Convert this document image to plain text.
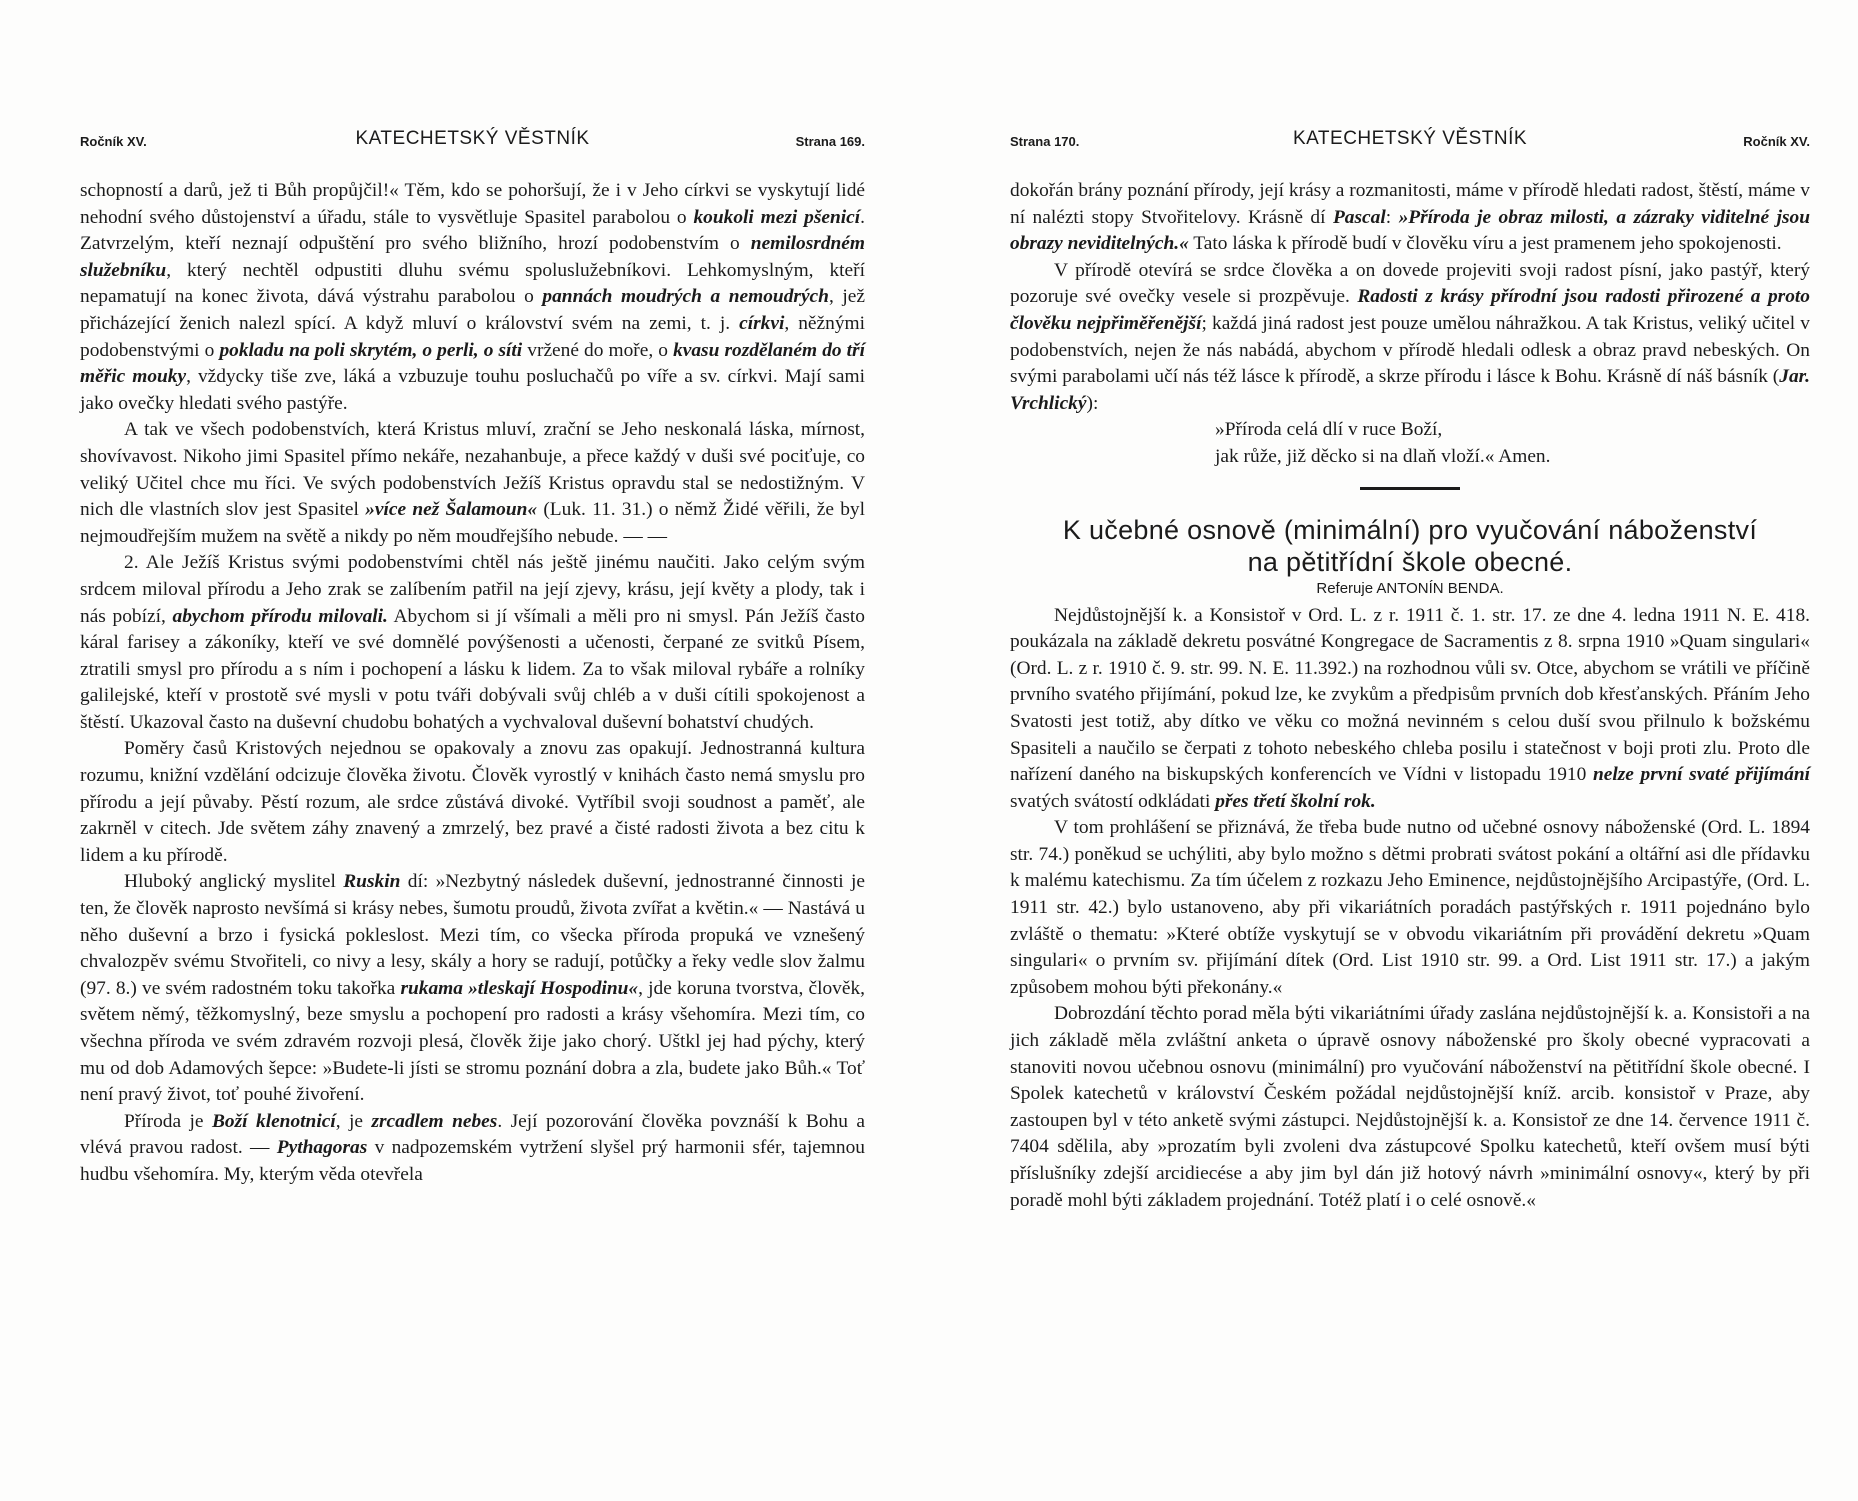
Ročník XV.	KATECHETSKÝ VĚSTNÍK	Strana 169.

schopností a darů, jež ti Bůh propůjčil!« Těm, kdo se pohoršují, že i v Jeho církvi se vyskytují lidé nehodní svého důstojenství a úřadu, stále to vysvětluje Spasitel parabolou o koukoli mezi pšenicí. Zatvrzelým, kteří neznají odpuštění pro svého bližního, hrozí podobenstvím o nemilosrdném služebníku, který nechtěl odpustiti dluhu svému spoluslužebníkovi. Lehkomyslným, kteří nepamatují na konec života, dává výstrahu parabolou o pannách moudrých a nemoudrých, jež přicházející ženich nalezl spící. A když mluví o království svém na zemi, t. j. církvi, něžnými podobenstvými o pokladu na poli skrytém, o perli, o síti vržené do moře, o kvasu rozdělaném do tří měřic mouky, vždycky tiše zve, láká a vzbuzuje touhu posluchačů po víře a sv. církvi. Mají sami jako ovečky hledati svého pastýře.

A tak ve všech podobenstvích, která Kristus mluví, zrační se Jeho neskonalá láska, mírnost, shovívavost. Nikoho jimi Spasitel přímo nekáře, nezahanbuje, a přece každý v duši své pociťuje, co veliký Učitel chce mu říci. Ve svých podobenstvích Ježíš Kristus opravdu stal se nedostižným. V nich dle vlastních slov jest Spasitel »více než Šalamoun« (Luk. 11. 31.) o němž Židé věřili, že byl nejmoudřejším mužem na světě a nikdy po něm moudřejšího nebude. — —

2. Ale Ježíš Kristus svými podobenstvími chtěl nás ještě jinému naučiti. Jako celým svým srdcem miloval přírodu a Jeho zrak se zalíbením patřil na její zjevy, krásu, její květy a plody, tak i nás pobízí, abychom přírodu milovali. Abychom si jí všímali a měli pro ni smysl. Pán Ježíš často káral farisey a zákoníky, kteří ve své domnělé povýšenosti a učenosti, čerpané ze svitků Písem, ztratili smysl pro přírodu a s ním i pochopení a lásku k lidem. Za to však miloval rybáře a rolníky galilejské, kteří v prostotě své mysli v potu tváři dobývali svůj chléb a v duši cítili spokojenost a štěstí. Ukazoval často na duševní chudobu bohatých a vychvaloval duševní bohatství chudých.

Poměry časů Kristových nejednou se opakovaly a znovu zas opakují. Jednostranná kultura rozumu, knižní vzdělání odcizuje člověka životu. Člověk vyrostlý v knihách často nemá smyslu pro přírodu a její půvaby. Pěstí rozum, ale srdce zůstává divoké. Vytříbil svoji soudnost a paměť, ale zakrněl v citech. Jde světem záhy znavený a zmrzelý, bez pravé a čisté radosti života a bez citu k lidem a ku přírodě.

Hluboký anglický myslitel Ruskin dí: »Nezbytný následek duševní, jednostranné činnosti je ten, že člověk naprosto nevšímá si krásy nebes, šumotu proudů, života zvířat a květin.« — Nastává u něho duševní a brzo i fysická pokleslost. Mezi tím, co všecka příroda propuká ve vznešený chvalozpěv svému Stvořiteli, co nivy a lesy, skály a hory se radují, potůčky a řeky vedle slov žalmu (97. 8.) ve svém radostném toku takořka rukama »tleskají Hospodinu«, jde koruna tvorstva, člověk, světem němý, těžkomyslný, beze smyslu a pochopení pro radosti a krásy všehomíra. Mezi tím, co všechna příroda ve svém zdravém rozvoji plesá, člověk žije jako chorý. Uštkl jej had pýchy, který mu od dob Adamových šepce: »Budete-li jísti se stromu poznání dobra a zla, budete jako Bůh.« Toť není pravý život, toť pouhé živoření.

Příroda je Boží klenotnicí, je zrcadlem nebes. Její pozorování člověka povznáší k Bohu a vlévá pravou radost. — Pythagoras v nadpozemském vytržení slyšel prý harmonii sfér, tajemnou hudbu všehomíra. My, kterým věda otevřela

Strana 170.	KATECHETSKÝ VĚSTNÍK	Ročník XV.

dokořán brány poznání přírody, její krásy a rozmanitosti, máme v přírodě hledati radost, štěstí, máme v ní nalézti stopy Stvořitelovy. Krásně dí Pascal: »Příroda je obraz milosti, a zázraky viditelné jsou obrazy neviditelných.« Tato láska k přírodě budí v člověku víru a jest pramenem jeho spokojenosti.

V přírodě otevírá se srdce člověka a on dovede projeviti svoji radost písní, jako pastýř, který pozoruje své ovečky vesele si prozpěvuje. Radosti z krásy přírodní jsou radosti přirozené a proto člověku nejpřiměřenější; každá jiná radost jest pouze umělou náhražkou. A tak Kristus, veliký učitel v podobenstvích, nejen že nás nabádá, abychom v přírodě hledali odlesk a obraz pravd nebeských. On svými parabolami učí nás též lásce k přírodě, a skrze přírodu i lásce k Bohu. Krásně dí náš básník (Jar. Vrchlický):

»Příroda celá dlí v ruce Boží,
jak růže, již děcko si na dlaň vloží.« Amen.
K učebné osnově (minimální) pro vyučování náboženství
na pětitřídní škole obecné.
Referuje ANTONÍN BENDA.

Nejdůstojnější k. a Konsistoř v Ord. L. z r. 1911 č. 1. str. 17. ze dne 4. ledna 1911 N. E. 418. poukázala na základě dekretu posvátné Kongregace de Sacramentis z 8. srpna 1910 »Quam singulari« (Ord. L. z r. 1910 č. 9. str. 99. N. E. 11.392.) na rozhodnou vůli sv. Otce, abychom se vrátili ve příčině prvního svatého přijímání, pokud lze, ke zvykům a předpisům prvních dob křesťanských. Přáním Jeho Svatosti jest totiž, aby dítko ve věku co možná nevinném s celou duší svou přilnulo k božskému Spasiteli a naučilo se čerpati z tohoto nebeského chleba posilu i statečnost v boji proti zlu. Proto dle nařízení daného na biskupských konferencích ve Vídni v listopadu 1910 nelze první svaté přijímání svatých svátostí odkládati přes třetí školní rok.

V tom prohlášení se přiznává, že třeba bude nutno od učebné osnovy náboženské (Ord. L. 1894 str. 74.) poněkud se uchýliti, aby bylo možno s dětmi probrati svátost pokání a oltářní asi dle přídavku k malému katechismu. Za tím účelem z rozkazu Jeho Eminence, nejdůstojnějšího Arcipastýře, (Ord. L. 1911 str. 42.) bylo ustanoveno, aby při vikariátních poradách pastýřských r. 1911 pojednáno bylo zvláště o thematu: »Které obtíže vyskytují se v obvodu vikariátním při provádění dekretu »Quam singulari« o prvním sv. přijímání dítek (Ord. List 1910 str. 99. a Ord. List 1911 str. 17.) a jakým způsobem mohou býti překonány.«

Dobrozdání těchto porad měla býti vikariátními úřady zaslána nejdůstojnější k. a. Konsistoři a na jich základě měla zvláštní anketa o úpravě osnovy náboženské pro školy obecné vypracovati a stanoviti novou učebnou osnovu (minimální) pro vyučování náboženství na pětitřídní škole obecné. I Spolek katechetů v království Českém požádal nejdůstojnější kníž. arcib. konsistoř v Praze, aby zastoupen byl v této anketě svými zástupci. Nejdůstojnější k. a. Konsistoř ze dne 14. července 1911 č. 7404 sdělila, aby »prozatím byli zvoleni dva zástupcové Spolku katechetů, kteří ovšem musí býti příslušníky zdejší arcidiecése a aby jim byl dán již hotový návrh »minimální osnovy«, který by při poradě mohl býti základem projednání. Totéž platí i o celé osnově.«
